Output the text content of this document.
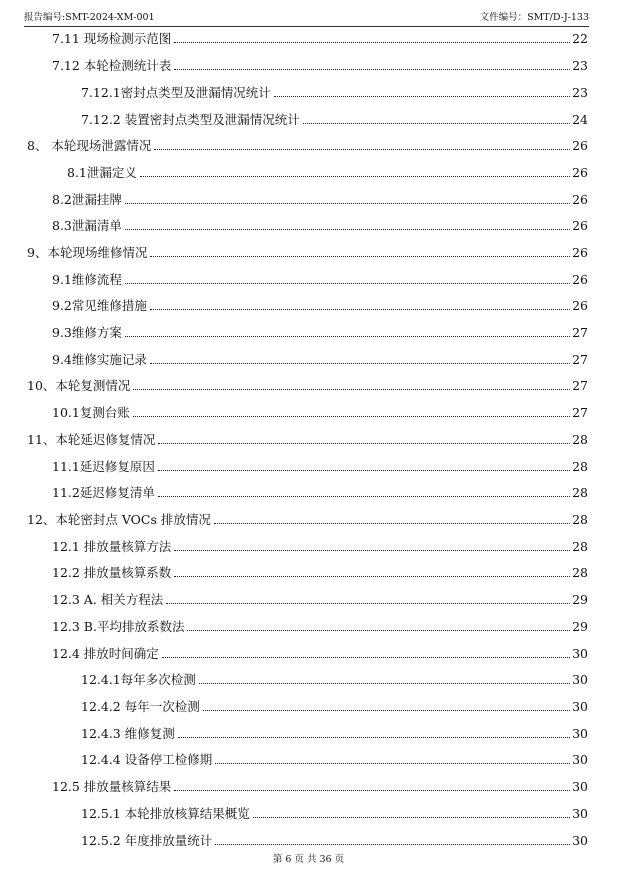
报告编号:SMT-2024-XM-001	文件编号：SMT/D-J-133
7.11 现场检测示范图	22
7.12 本轮检测统计表	23
7.12.1密封点类型及泄漏情况统计	23
7.12.2 装置密封点类型及泄漏情况统计	24
8、 本轮现场泄露情况	26
8.1泄漏定义	26
8.2泄漏挂牌	26
8.3泄漏清单	26
9、本轮现场维修情况	26
9.1维修流程	26
9.2常见维修措施	26
9.3维修方案	27
9.4维修实施记录	27
10、本轮复测情况	27
10.1复测台账	27
11、本轮延迟修复情况	28
11.1延迟修复原因	28
11.2延迟修复清单	28
12、本轮密封点 VOCs 排放情况	28
12.1 排放量核算方法	28
12.2 排放量核算系数	28
12.3 A. 相关方程法	29
12.3 B.平均排放系数法	29
12.4 排放时间确定	30
12.4.1每年多次检测	30
12.4.2 每年一次检测	30
12.4.3 维修复测	30
12.4.4 设备停工检修期	30
12.5 排放量核算结果	30
12.5.1 本轮排放核算结果概览	30
12.5.2 年度排放量统计	30
第 6 页 共 36 页
